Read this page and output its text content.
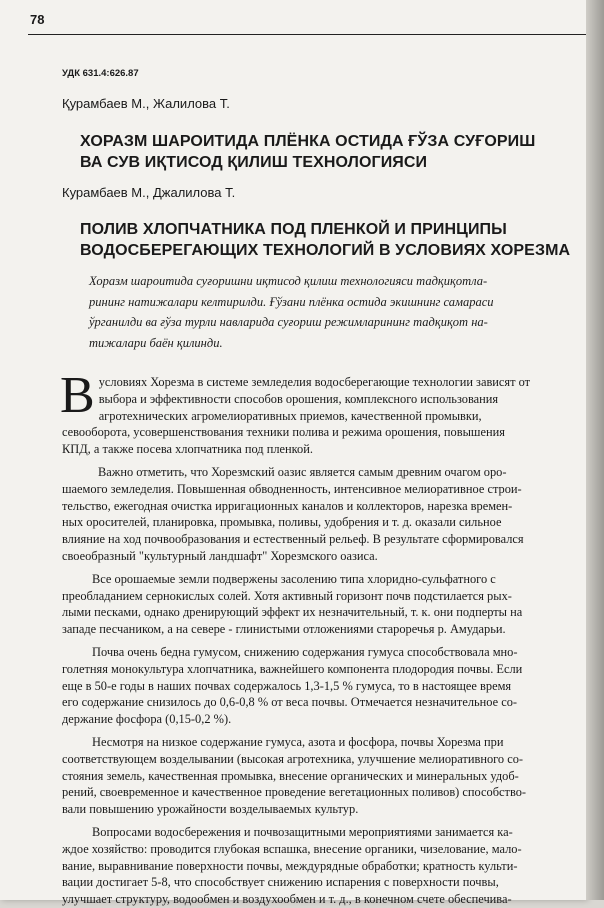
78
УДК 631.4:626.87
Қурамбаев М., Жалилова Т.
ХОРАЗМ ШАРОИТИДА ПЛЁНКА ОСТИДА ҒЎЗА СУҒОРИШ
ВА СУВ ИҚТИСОД ҚИЛИШ ТЕХНОЛОГИЯСИ
Курамбаев М., Джалилова Т.
ПОЛИВ ХЛОПЧАТНИКА ПОД ПЛЕНКОЙ И ПРИНЦИПЫ
ВОДОСБЕРЕГАЮЩИХ ТЕХНОЛОГИЙ В УСЛОВИЯХ ХОРЕЗМА
Хоразм шароитида суғоришни иқтисод қилиш технологияси тадқиқотла-
рининг натижалари келтирилди. Ғўзани плёнка остида экишнинг самараси
ўрганилди ва ғўза турли навларида суғориш режимларининг тадқиқот на-
тижалари баён қилинди.

В условиях Хорезма в системе земледелия водосберегающие технологии зависят от
выбора и эффективности способов орошения, комплексного использования
агротехнических агромелиоративных приемов, качественной промывки,
севооборота, усовершенствования техники полива и режима орошения, повышения
КПД, а также посева хлопчатника под пленкой.

Важно отметить, что Хорезмский оазис является самым древним очагом оро-
шаемого земледелия. Повышенная обводненность, интенсивное мелиоративное строи-
тельство, ежегодная очистка ирригационных каналов и коллекторов, нарезка времен-
ных оросителей, планировка, промывка, поливы, удобрения и т. д. оказали сильное
влияние на ход почвообразования и естественный рельеф. В результате сформировался
своеобразный "культурный ландшафт" Хорезмского оазиса.

Все орошаемые земли подвержены засолению типа хлоридно-сульфатного с
преобладанием сернокислых солей. Хотя активный горизонт почв подстилается рых-
лыми песками, однако дренирующий эффект их незначительный, т. к. они подперты на
западе песчаником, а на севере - глинистыми отложениями староречья р. Амударьи.

Почва очень бедна гумусом, снижению содержания гумуса способствовала мно-
голетняя монокультура хлопчатника, важнейшего компонента плодородия почвы. Если
еще в 50-е годы в наших почвах содержалось 1,3-1,5 % гумуса, то в настоящее время
его содержание снизилось до 0,6-0,8 % от веса почвы. Отмечается незначительное со-
держание фосфора (0,15-0,2 %).

Несмотря на низкое содержание гумуса, азота и фосфора, почвы Хорезма при
соответствующем возделывании (высокая агротехника, улучшение мелиоративного со-
стояния земель, качественная промывка, внесение органических и минеральных удоб-
рений, своевременное и качественное проведение вегетационных поливов) способство-
вали повышению урожайности возделываемых культур.

Вопросами водосбережения и почвозащитными мероприятиями занимается ка-
ждое хозяйство: проводится глубокая вспашка, внесение органики, чизелование, мало-
вание, выравнивание поверхности почвы, междурядные обработки; кратность культи-
вации достигает 5-8, что способствует снижению испарения с поверхности почвы,
улучшает структуру, водообмен и воздухообмен и т. д., в конечном счете обеспечива-
